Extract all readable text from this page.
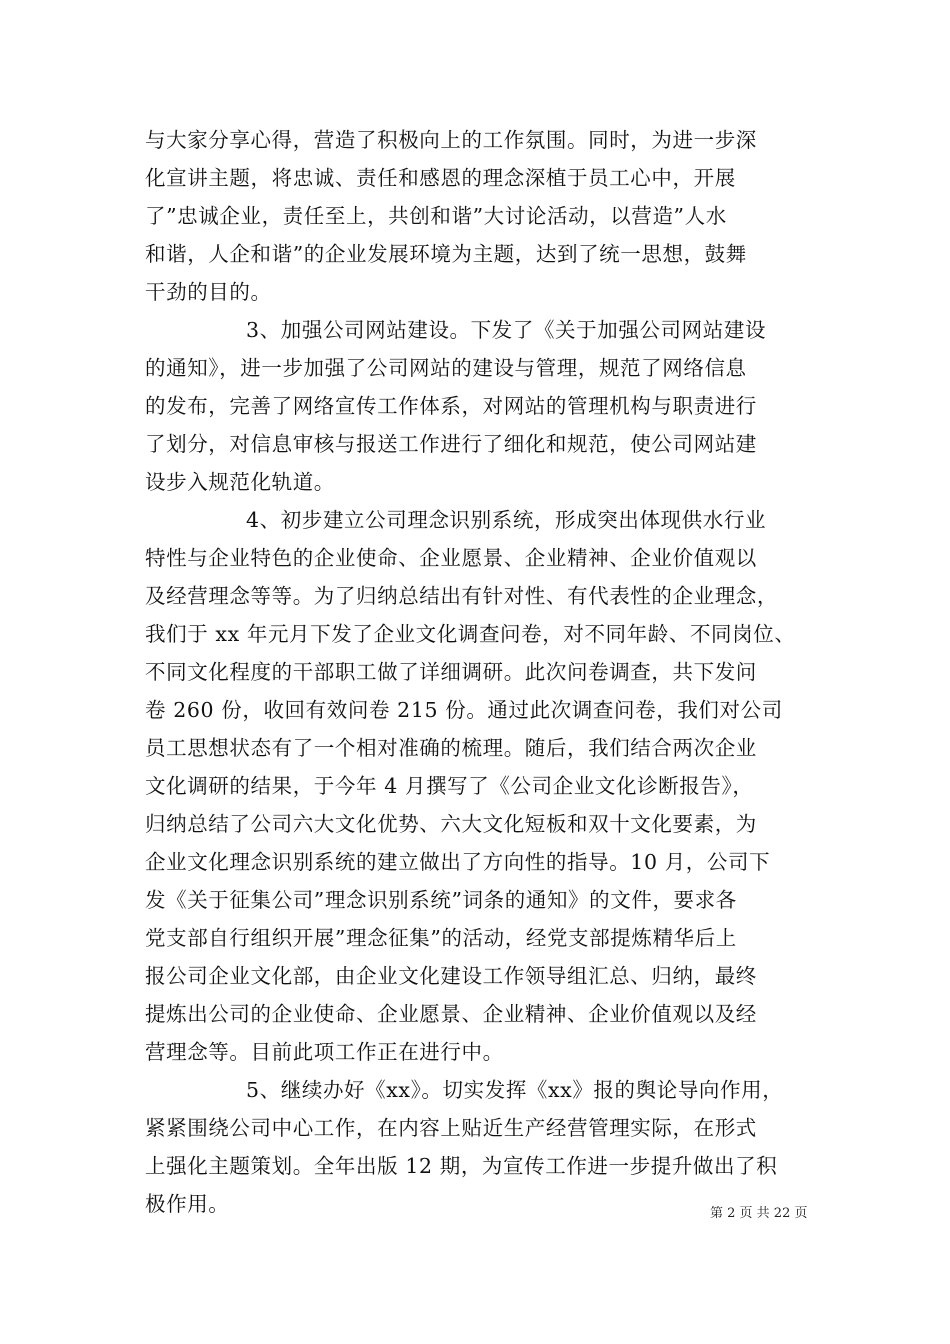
与大家分享心得，营造了积极向上的工作氛围。同时，为进一步深
化宣讲主题，将忠诚、责任和感恩的理念深植于员工心中，开展
了”忠诚企业，责任至上，共创和谐”大讨论活动，以营造”人水
和谐，人企和谐”的企业发展环境为主题，达到了统一思想，鼓舞
干劲的目的。
3、加强公司网站建设。下发了《关于加强公司网站建设
的通知》，进一步加强了公司网站的建设与管理，规范了网络信息
的发布，完善了网络宣传工作体系，对网站的管理机构与职责进行
了划分，对信息审核与报送工作进行了细化和规范，使公司网站建
设步入规范化轨道。
4、初步建立公司理念识别系统，形成突出体现供水行业
特性与企业特色的企业使命、企业愿景、企业精神、企业价值观以
及经营理念等等。为了归纳总结出有针对性、有代表性的企业理念，
我们于 xx 年元月下发了企业文化调查问卷，对不同年龄、不同岗位、
不同文化程度的干部职工做了详细调研。此次问卷调查，共下发问
卷 260 份，收回有效问卷 215 份。通过此次调查问卷，我们对公司
员工思想状态有了一个相对准确的梳理。随后，我们结合两次企业
文化调研的结果，于今年 4 月撰写了《公司企业文化诊断报告》，
归纳总结了公司六大文化优势、六大文化短板和双十文化要素，为
企业文化理念识别系统的建立做出了方向性的指导。10 月，公司下
发《关于征集公司”理念识别系统”词条的通知》的文件，要求各
党支部自行组织开展”理念征集”的活动，经党支部提炼精华后上
报公司企业文化部，由企业文化建设工作领导组汇总、归纳，最终
提炼出公司的企业使命、企业愿景、企业精神、企业价值观以及经
营理念等。目前此项工作正在进行中。
5、继续办好《xx》。切实发挥《xx》报的舆论导向作用，
紧紧围绕公司中心工作，在内容上贴近生产经营管理实际，在形式
上强化主题策划。全年出版 12 期，为宣传工作进一步提升做出了积
极作用。	第 2 页 共 22 页
